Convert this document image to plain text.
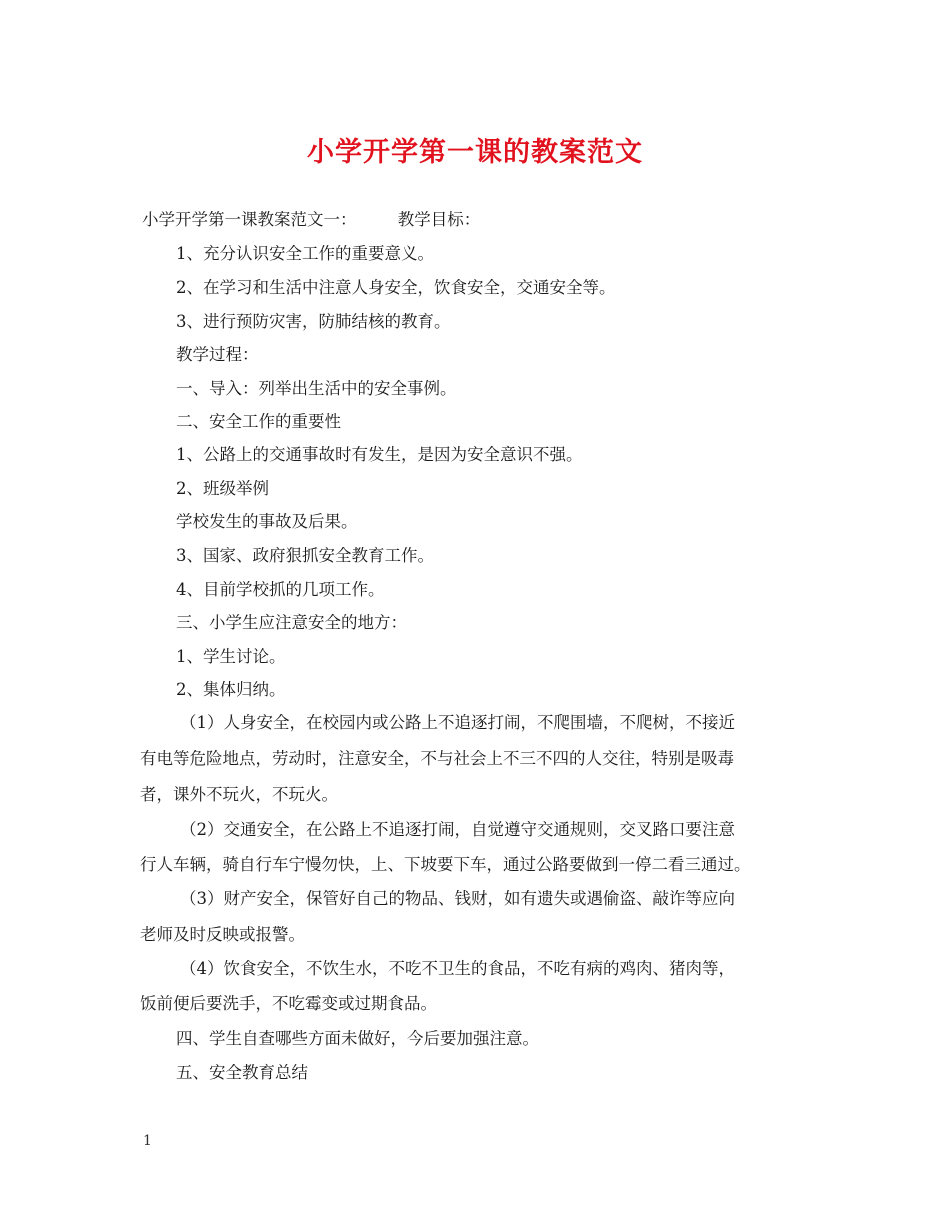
小学开学第一课的教案范文
小学开学第一课教案范文一：　　　教学目标：
1、充分认识安全工作的重要意义。
2、在学习和生活中注意人身安全，饮食安全，交通安全等。
3、进行预防灾害，防肺结核的教育。
教学过程：
一、导入：列举出生活中的安全事例。
二、安全工作的重要性
1、公路上的交通事故时有发生，是因为安全意识不强。
2、班级举例
学校发生的事故及后果。
3、国家、政府狠抓安全教育工作。
4、目前学校抓的几项工作。
三、小学生应注意安全的地方：
1、学生讨论。
2、集体归纳。
（1）人身安全，在校园内或公路上不追逐打闹，不爬围墙，不爬树，不接近
有电等危险地点，劳动时，注意安全，不与社会上不三不四的人交往，特别是吸毒
者，课外不玩火，不玩火。
（2）交通安全，在公路上不追逐打闹，自觉遵守交通规则，交叉路口要注意
行人车辆，骑自行车宁慢勿快，上、下坡要下车，通过公路要做到一停二看三通过。
（3）财产安全，保管好自己的物品、钱财，如有遗失或遇偷盗、敲诈等应向
老师及时反映或报警。
（4）饮食安全，不饮生水，不吃不卫生的食品，不吃有病的鸡肉、猪肉等，
饭前便后要洗手，不吃霉变或过期食品。
四、学生自查哪些方面未做好，今后要加强注意。
五、安全教育总结
1
